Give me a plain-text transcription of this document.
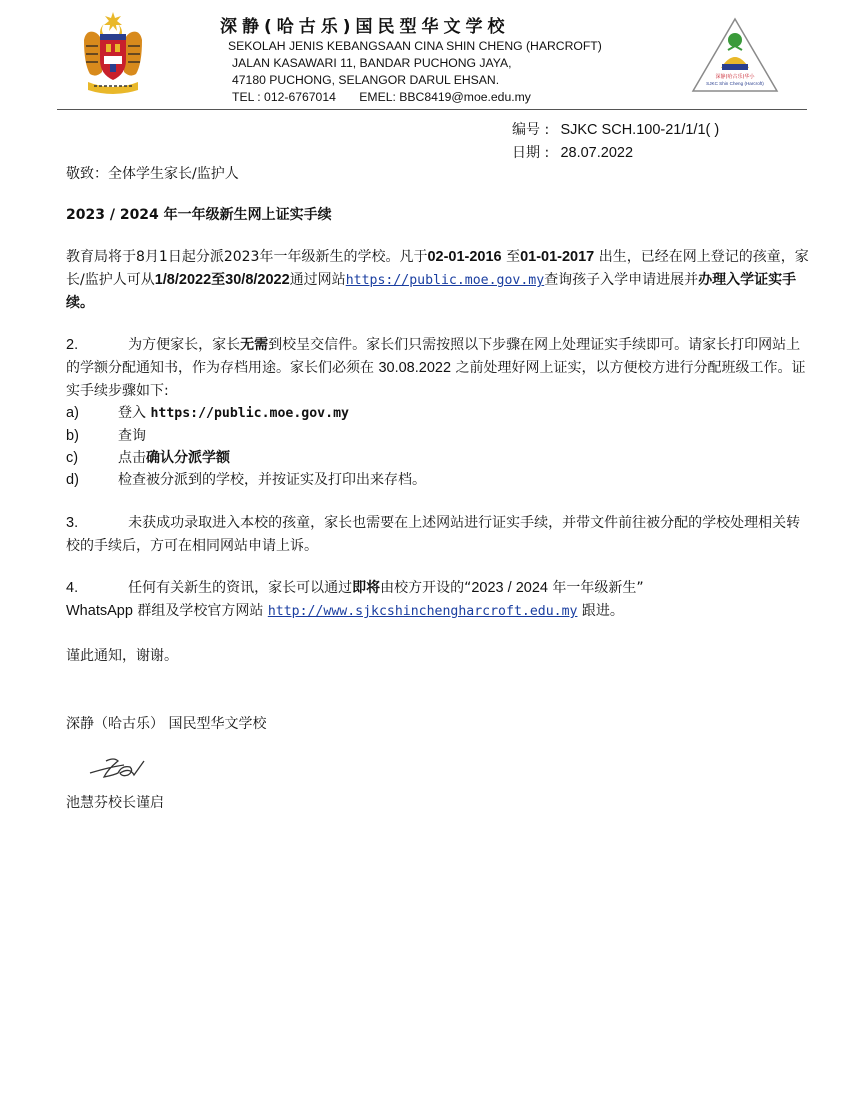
深静(哈古乐)国民型华文学校
SEKOLAH JENIS KEBANGSAAN CINA SHIN CHENG (HARCROFT)
JALAN KASAWARI 11, BANDAR PUCHONG JAYA,
47180 PUCHONG, SELANGOR DARUL EHSAN.
TEL : 012-6767014 EMEL: BBC8419@moe.edu.my
深静(哈古乐)华小
SJKC Shin Cheng (Harcroft)
编号 : SJKC SCH.100-21/1/1( )
日期 : 28.07.2022
敬致：全体学生家长/监护人
2023 / 2024 年一年级新生网上证实手续
教育局将于8月1日起分派2023年一年级新生的学校。凡于02-01-2016 至01-01-2017 出生，已经在网上登记的孩童，家长/监护人可从1/8/2022至30/8/2022通过网站https://public.moe.gov.my查询孩子入学申请进展并办理入学证实手续。
2.	为方便家长，家长无需到校呈交信件。家长们只需按照以下步骤在网上处理证实手续即可。请家长打印网站上的学额分配通知书，作为存档用途。家长们必须在 30.08.2022 之前处理好网上证实，以方便校方进行分配班级工作。证实手续步骤如下:
a)	登入 https://public.moe.gov.my
b)	查询
c)	点击确认分派学额
d)	检查被分派到的学校，并按证实及打印出来存档。
3.	未获成功录取进入本校的孩童，家长也需要在上述网站进行证实手续，并带文件前往被分配的学校处理相关转校的手续后，方可在相同网站申请上诉。
4.	任何有关新生的资讯，家长可以通过即将由校方开设的“2023 / 2024 年一年级新生”
WhatsApp 群组及学校官方网站 http://www.sjkcshinchengharcroft.edu.my 跟进。
谨此通知，谢谢。
深静（哈古乐） 国民型华文学校
池慧芬校长谨启
